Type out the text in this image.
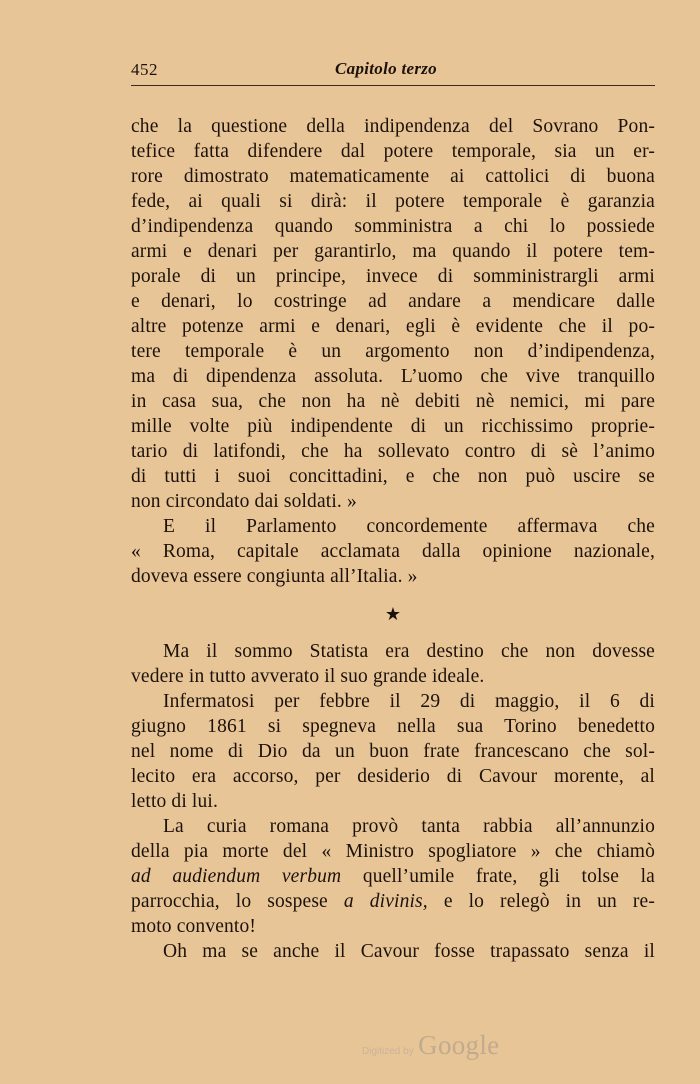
452	Capitolo terzo
che la questione della indipendenza del Sovrano Pon-
tefice fatta difendere dal potere temporale, sia un er-
rore dimostrato matematicamente ai cattolici di buona
fede, ai quali si dirà: il potere temporale è garanzia
d’indipendenza quando somministra a chi lo possiede
armi e denari per garantirlo, ma quando il potere tem-
porale di un principe, invece di somministrargli armi
e denari, lo costringe ad andare a mendicare dalle
altre potenze armi e denari, egli è evidente che il po-
tere temporale è un argomento non d’indipendenza,
ma di dipendenza assoluta. L’uomo che vive tranquillo
in casa sua, che non ha nè debiti nè nemici, mi pare
mille volte più indipendente di un ricchissimo proprie-
tario di latifondi, che ha sollevato contro di sè l’animo
di tutti i suoi concittadini, e che non può uscire se
non circondato dai soldati. »
E il Parlamento concordemente affermava che
« Roma, capitale acclamata dalla opinione nazionale,
doveva essere congiunta all’Italia. »
★
Ma il sommo Statista era destino che non dovesse
vedere in tutto avverato il suo grande ideale.
Infermatosi per febbre il 29 di maggio, il 6 di
giugno 1861 si spegneva nella sua Torino benedetto
nel nome di Dio da un buon frate francescano che sol-
lecito era accorso, per desiderio di Cavour morente, al
letto di lui.
La curia romana provò tanta rabbia all’annunzio
della pia morte del « Ministro spogliatore » che chiamò
ad audiendum verbum quell’umile frate, gli tolse la
parrocchia, lo sospese a divinis, e lo relegò in un re-
moto convento!
Oh ma se anche il Cavour fosse trapassato senza il
Digitized by Google
